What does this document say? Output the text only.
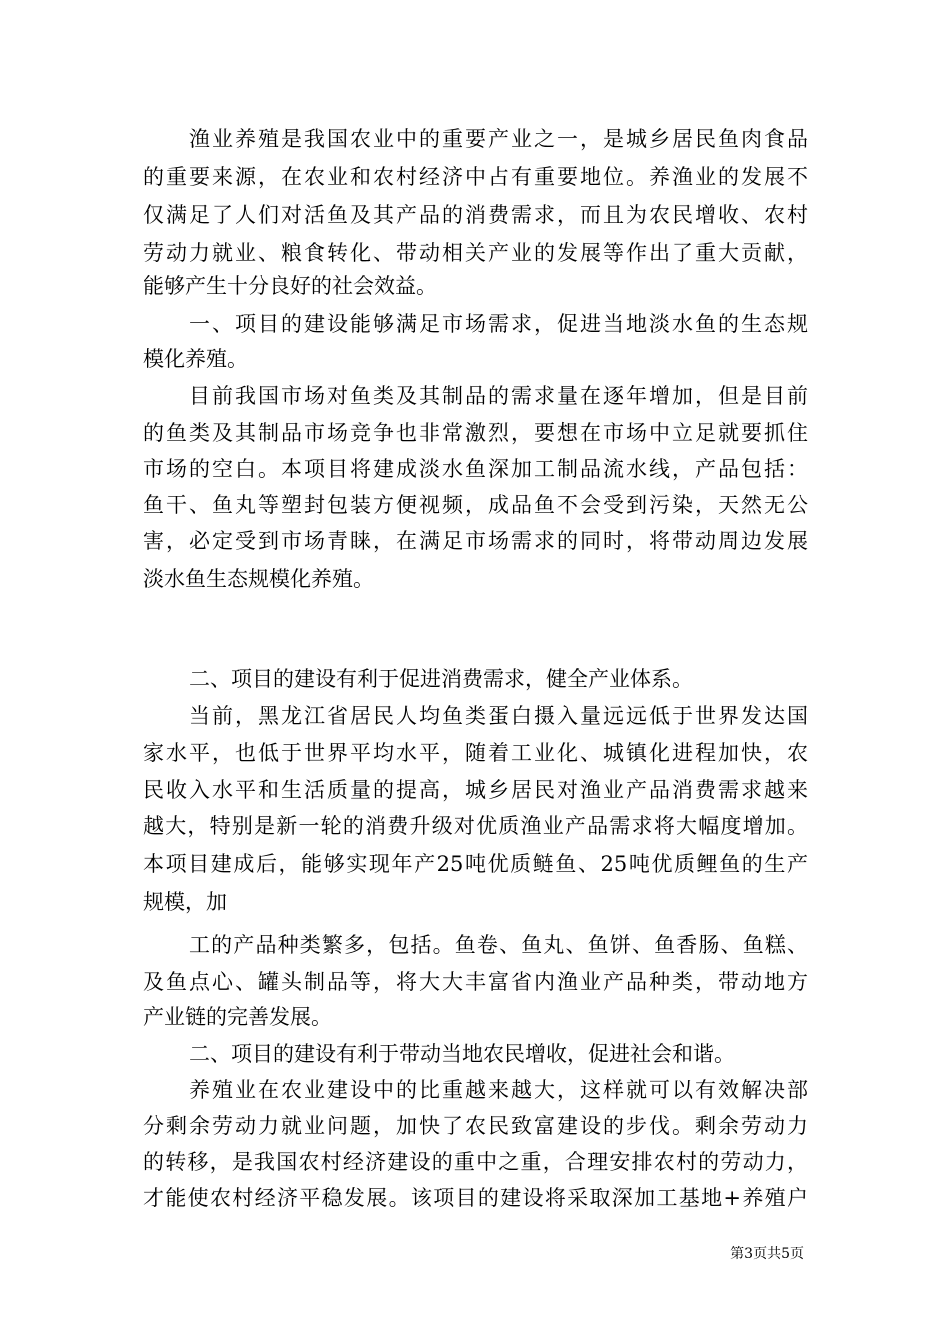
渔业养殖是我国农业中的重要产业之一，是城乡居民鱼肉食品
的重要来源，在农业和农村经济中占有重要地位。养渔业的发展不
仅满足了人们对活鱼及其产品的消费需求，而且为农民增收、农村
劳动力就业、粮食转化、带动相关产业的发展等作出了重大贡献，
能够产生十分良好的社会效益。
一、项目的建设能够满足市场需求，促进当地淡水鱼的生态规
模化养殖。
目前我国市场对鱼类及其制品的需求量在逐年增加，但是目前
的鱼类及其制品市场竞争也非常激烈，要想在市场中立足就要抓住
市场的空白。本项目将建成淡水鱼深加工制品流水线，产品包括：
鱼干、鱼丸等塑封包装方便视频，成品鱼不会受到污染，天然无公
害，必定受到市场青睐，在满足市场需求的同时，将带动周边发展
淡水鱼生态规模化养殖。
二、项目的建设有利于促进消费需求，健全产业体系。
当前，黑龙江省居民人均鱼类蛋白摄入量远远低于世界发达国
家水平，也低于世界平均水平，随着工业化、城镇化进程加快，农
民收入水平和生活质量的提高，城乡居民对渔业产品消费需求越来
越大，特别是新一轮的消费升级对优质渔业产品需求将大幅度增加。
本项目建成后，能够实现年产25吨优质鲢鱼、25吨优质鲤鱼的生产
规模，加
工的产品种类繁多，包括。鱼卷、鱼丸、鱼饼、鱼香肠、鱼糕、
及鱼点心、罐头制品等，将大大丰富省内渔业产品种类，带动地方
产业链的完善发展。
二、项目的建设有利于带动当地农民增收，促进社会和谐。
养殖业在农业建设中的比重越来越大，这样就可以有效解决部
分剩余劳动力就业问题，加快了农民致富建设的步伐。剩余劳动力
的转移，是我国农村经济建设的重中之重，合理安排农村的劳动力，
才能使农村经济平稳发展。该项目的建设将采取深加工基地+养殖户
第3页共5页
